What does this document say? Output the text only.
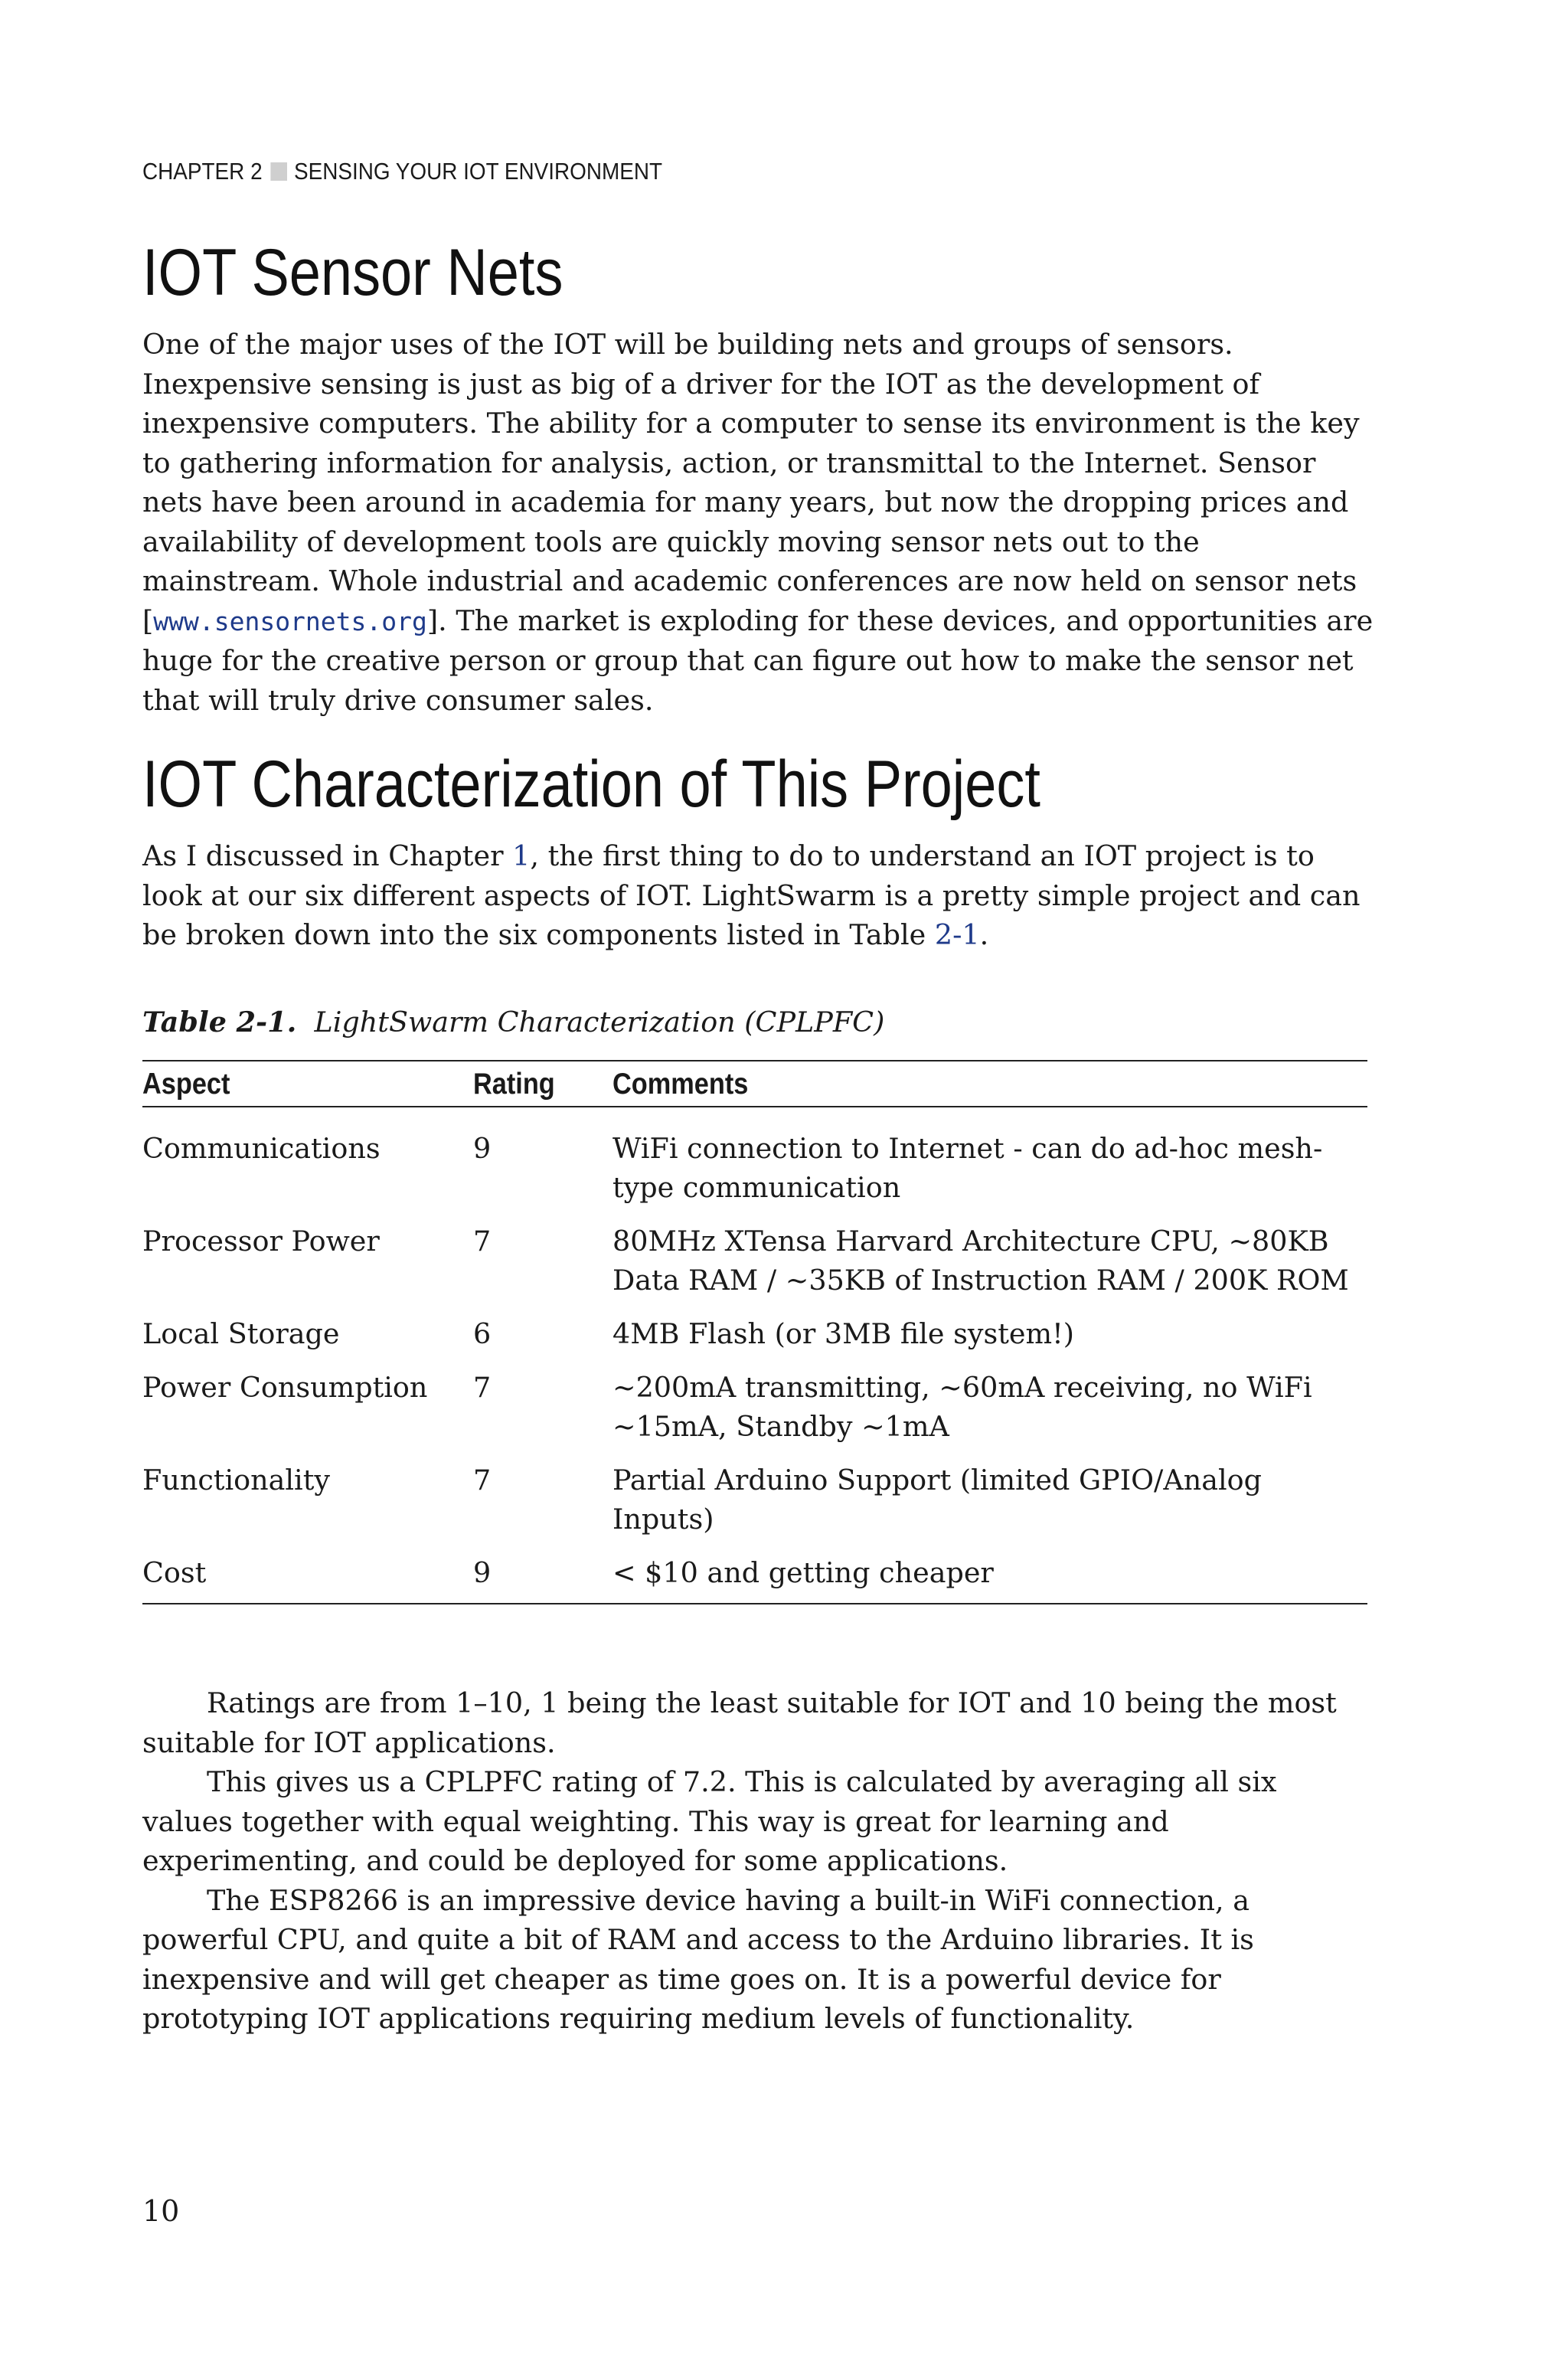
CHAPTER 2 SENSING YOUR IOT ENVIRONMENT
IOT Sensor Nets

One of the major uses of the IOT will be building nets and groups of sensors. Inexpensive sensing is just as big of a driver for the IOT as the development of inexpensive computers. The ability for a computer to sense its environment is the key to gathering information for analysis, action, or transmittal to the Internet. Sensor nets have been around in academia for many years, but now the dropping prices and availability of development tools are quickly moving sensor nets out to the mainstream. Whole industrial and academic conferences are now held on sensor nets [www.sensornets.org]. The market is exploding for these devices, and opportunities are huge for the creative person or group that can figure out how to make the sensor net that will truly drive consumer sales.

IOT Characterization of This Project

As I discussed in Chapter 1, the first thing to do to understand an IOT project is to look at our six different aspects of IOT. LightSwarm is a pretty simple project and can be broken down into the six components listed in Table 2-1.

Table 2-1. LightSwarm Characterization (CPLPFC)

Aspect	Rating	Comments
Communications	9	WiFi connection to Internet - can do ad-hoc mesh-type communication
Processor Power	7	80MHz XTensa Harvard Architecture CPU, ~80KB Data RAM / ~35KB of Instruction RAM / 200K ROM
Local Storage	6	4MB Flash (or 3MB file system!)
Power Consumption	7	~200mA transmitting, ~60mA receiving, no WiFi ~15mA, Standby ~1mA
Functionality	7	Partial Arduino Support (limited GPIO/Analog Inputs)
Cost	9	< $10 and getting cheaper
Ratings are from 1–10, 1 being the least suitable for IOT and 10 being the most suitable for IOT applications.
This gives us a CPLPFC rating of 7.2. This is calculated by averaging all six values together with equal weighting. This way is great for learning and experimenting, and could be deployed for some applications.
The ESP8266 is an impressive device having a built-in WiFi connection, a powerful CPU, and quite a bit of RAM and access to the Arduino libraries. It is inexpensive and will get cheaper as time goes on. It is a powerful device for prototyping IOT applications requiring medium levels of functionality.
10
